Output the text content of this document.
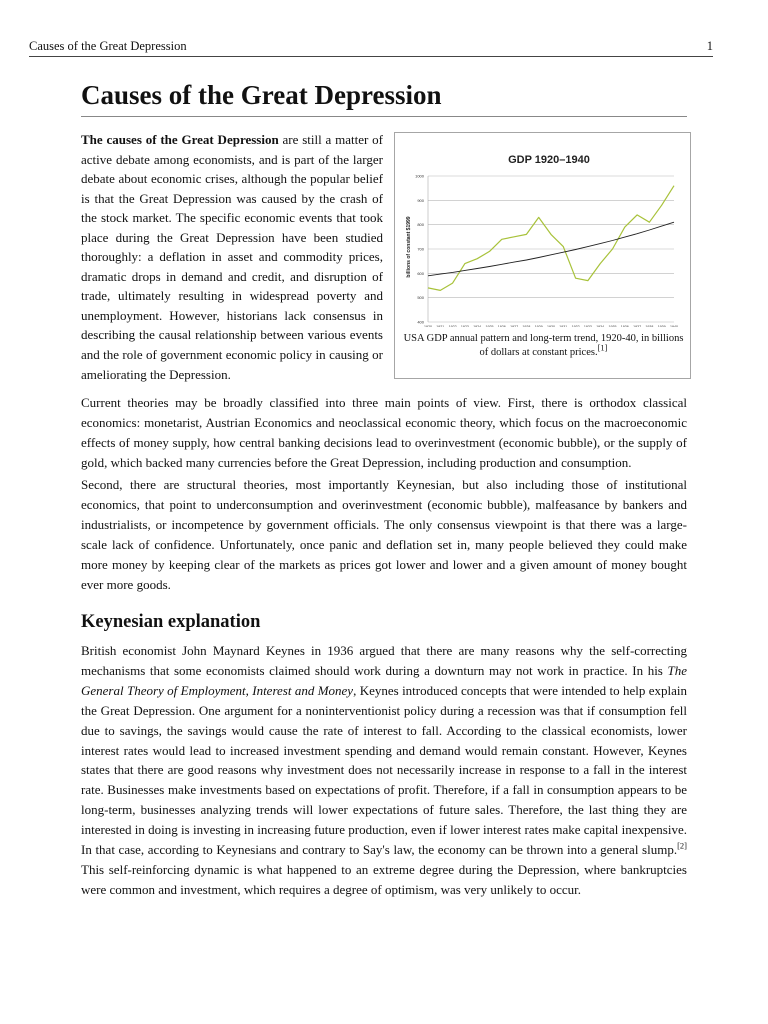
Causes of the Great Depression	1
Causes of the Great Depression

The causes of the Great Depression are still a matter of active debate among economists, and is part of the larger debate about economic crises, although the popular belief is that the Great Depression was caused by the crash of the stock market. The specific economic events that took place during the Great Depression have been studied thoroughly: a deflation in asset and commodity prices, dramatic drops in demand and credit, and disruption of trade, ultimately resulting in widespread poverty and unemployment. However, historians lack consensus in describing the causal relationship between various events and the role of government economic policy in causing or ameliorating the Depression.

GDP 1920–1940
billions of constant $1999
1000
900
800
700
600
500
400
1920 1921 1922 1923 1924 1925 1926 1927 1928 1929 1930 1931 1932 1933 1934 1935 1936 1937 1938 1939 1940
USA GDP annual pattern and long-term trend, 1920-40, in billions of dollars at constant prices.[1]

Current theories may be broadly classified into three main points of view. First, there is orthodox classical economics: monetarist, Austrian Economics and neoclassical economic theory, which focus on the macroeconomic effects of money supply, how central banking decisions lead to overinvestment (economic bubble), or the supply of gold, which backed many currencies before the Great Depression, including production and consumption.

Second, there are structural theories, most importantly Keynesian, but also including those of institutional economics, that point to underconsumption and overinvestment (economic bubble), malfeasance by bankers and industrialists, or incompetence by government officials. The only consensus viewpoint is that there was a large-scale lack of confidence. Unfortunately, once panic and deflation set in, many people believed they could make more money by keeping clear of the markets as prices got lower and lower and a given amount of money bought ever more goods.

Keynesian explanation

British economist John Maynard Keynes in 1936 argued that there are many reasons why the self-correcting mechanisms that some economists claimed should work during a downturn may not work in practice. In his The General Theory of Employment, Interest and Money, Keynes introduced concepts that were intended to help explain the Great Depression. One argument for a noninterventionist policy during a recession was that if consumption fell due to savings, the savings would cause the rate of interest to fall. According to the classical economists, lower interest rates would lead to increased investment spending and demand would remain constant. However, Keynes states that there are good reasons why investment does not necessarily increase in response to a fall in the interest rate. Businesses make investments based on expectations of profit. Therefore, if a fall in consumption appears to be long-term, businesses analyzing trends will lower expectations of future sales. Therefore, the last thing they are interested in doing is investing in increasing future production, even if lower interest rates make capital inexpensive. In that case, according to Keynesians and contrary to Say's law, the economy can be thrown into a general slump.[2] This self-reinforcing dynamic is what happened to an extreme degree during the Depression, where bankruptcies were common and investment, which requires a degree of optimism, was very unlikely to occur.
